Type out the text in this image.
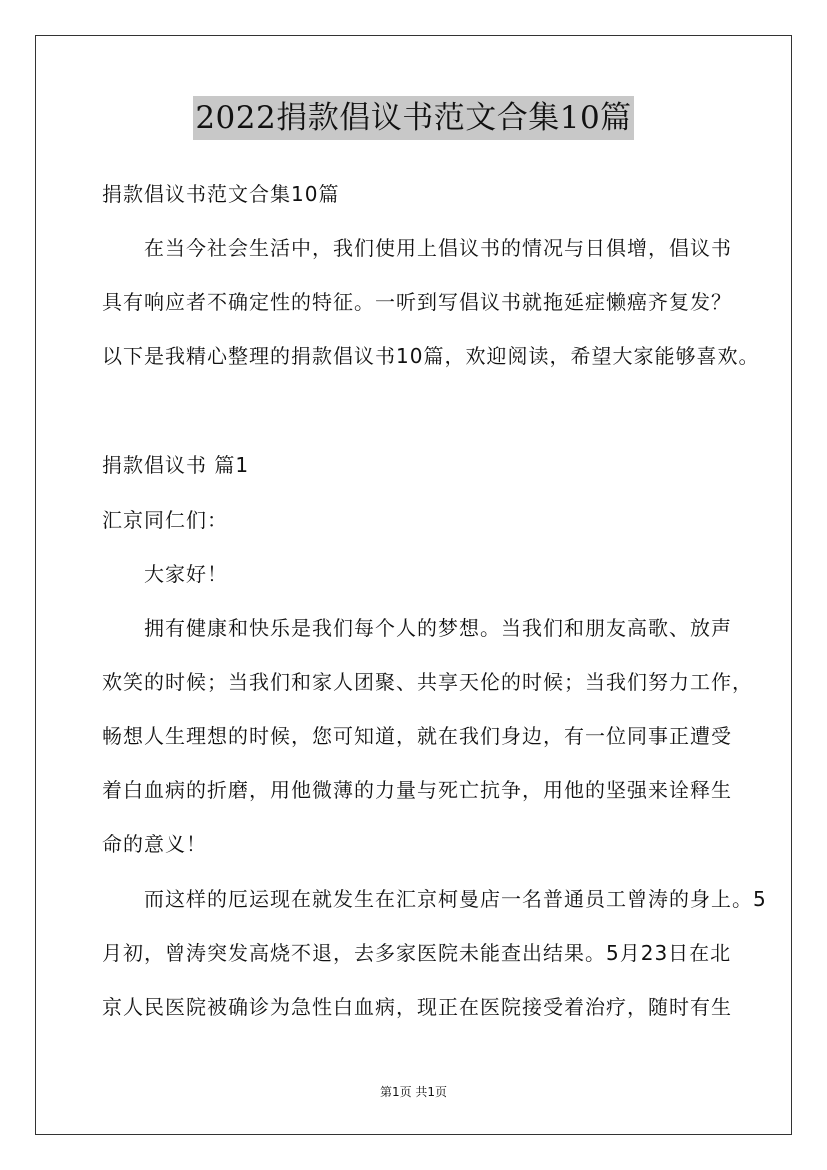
2022捐款倡议书范文合集10篇
捐款倡议书范文合集10篇
在当今社会生活中，我们使用上倡议书的情况与日俱增，倡议书
具有响应者不确定性的特征。一听到写倡议书就拖延症懒癌齐复发？
以下是我精心整理的捐款倡议书10篇，欢迎阅读，希望大家能够喜欢。
捐款倡议书 篇1
汇京同仁们：
大家好！
拥有健康和快乐是我们每个人的梦想。当我们和朋友高歌、放声
欢笑的时候；当我们和家人团聚、共享天伦的时候；当我们努力工作，
畅想人生理想的时候，您可知道，就在我们身边，有一位同事正遭受
着白血病的折磨，用他微薄的力量与死亡抗争，用他的坚强来诠释生
命的意义！
而这样的厄运现在就发生在汇京柯曼店一名普通员工曾涛的身上。5
月初，曾涛突发高烧不退，去多家医院未能查出结果。5月23日在北
京人民医院被确诊为急性白血病，现正在医院接受着治疗，随时有生
第1页 共1页
